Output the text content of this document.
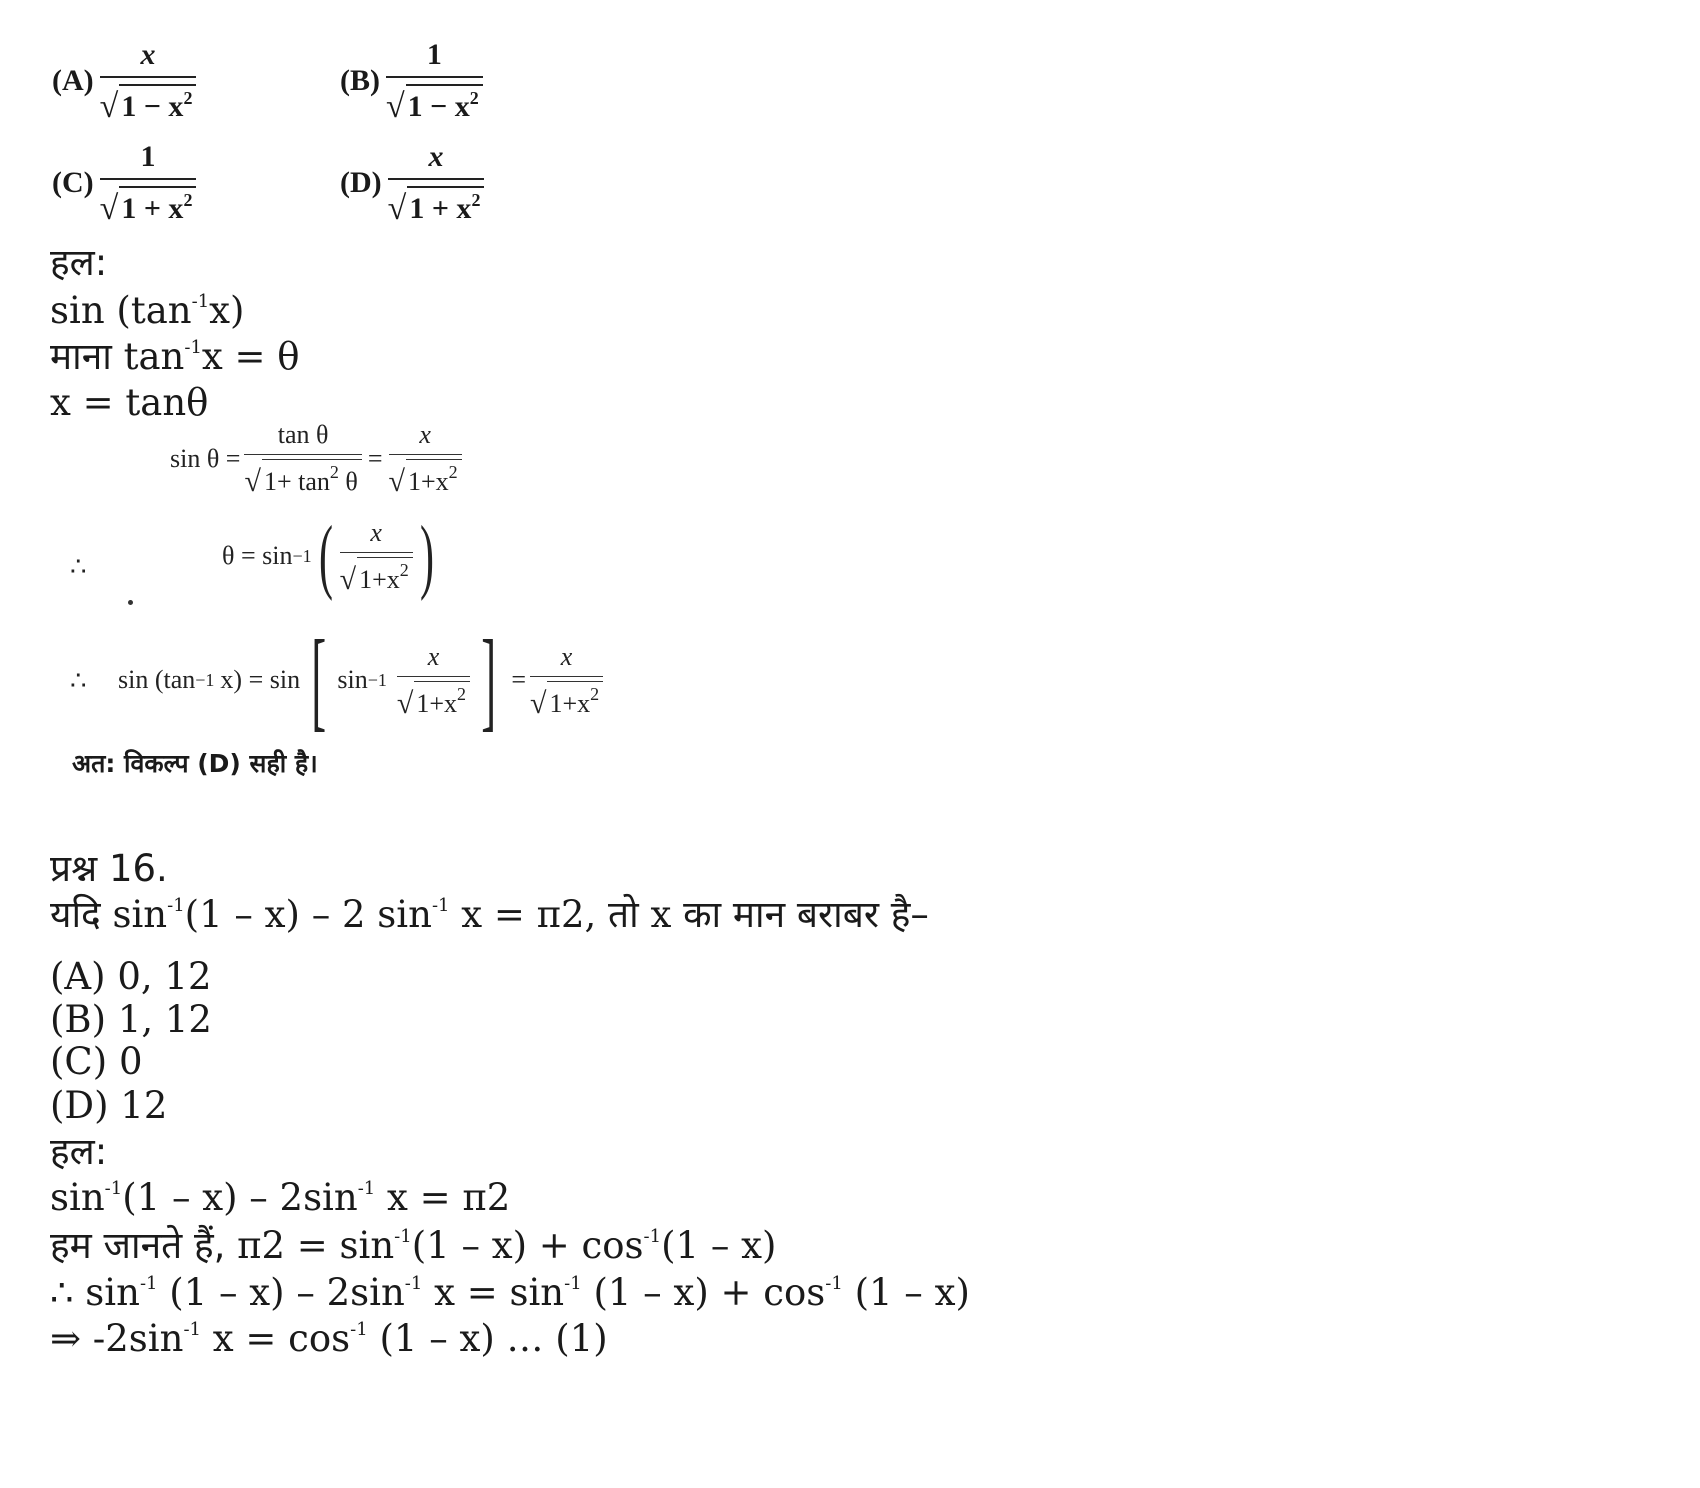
$(A) \frac{x}{√ 1 - x^2}$	$(B) \frac{1}{√ 1 - x^2}$
$(C) \frac{1}{√ 1 + x^2}$	$(D) \frac{x}{√ 1 + x^2}$
हल:
$\sin (\tan^{-1}x)$
माना $\tan^{-1}x = \theta$
x = tanθ
$\sin \theta = \frac{\text{tan θ}}{√ 1+ \tan^2 \theta} = \frac{x}{√ 1+x^2}$
∴	θ = sin −1 ( $\frac{x}{√ 1+x^2}$ )
∴ sin (tan −1 x) = sin [ $\sin -1 \frac{x}{√ 1+x^2}$ ] = $\frac{x}{√ 1+x^2}$
अत: विकल्प (D) सही है।
प्रश्न 16.
यदि $\sin^{-1}(1 - x) - 2$ $\sin^{-1} x = \pi 2$, तो x का मान बराबर है–
(A) 0, 12
(B) 1, 12
(C) 0
(D) 12
हल:
$\sin^{-1}(1 - x) - 2\sin^{-1}$ x = π2
हम जानते हैं, $\pi 2 = \sin^{-1}(1 - x) + \cos^{-1}(1 - x)$
∴ $\sin^{-1} (1 - x) - 2\sin^{-1}$ $x = \sin^{-1} (1 - x) + \cos^{-1} (1 - x)$
⇒ $-2\sin^{-1}$ $x = \cos^{-1} (1 - x)$ … (1)
